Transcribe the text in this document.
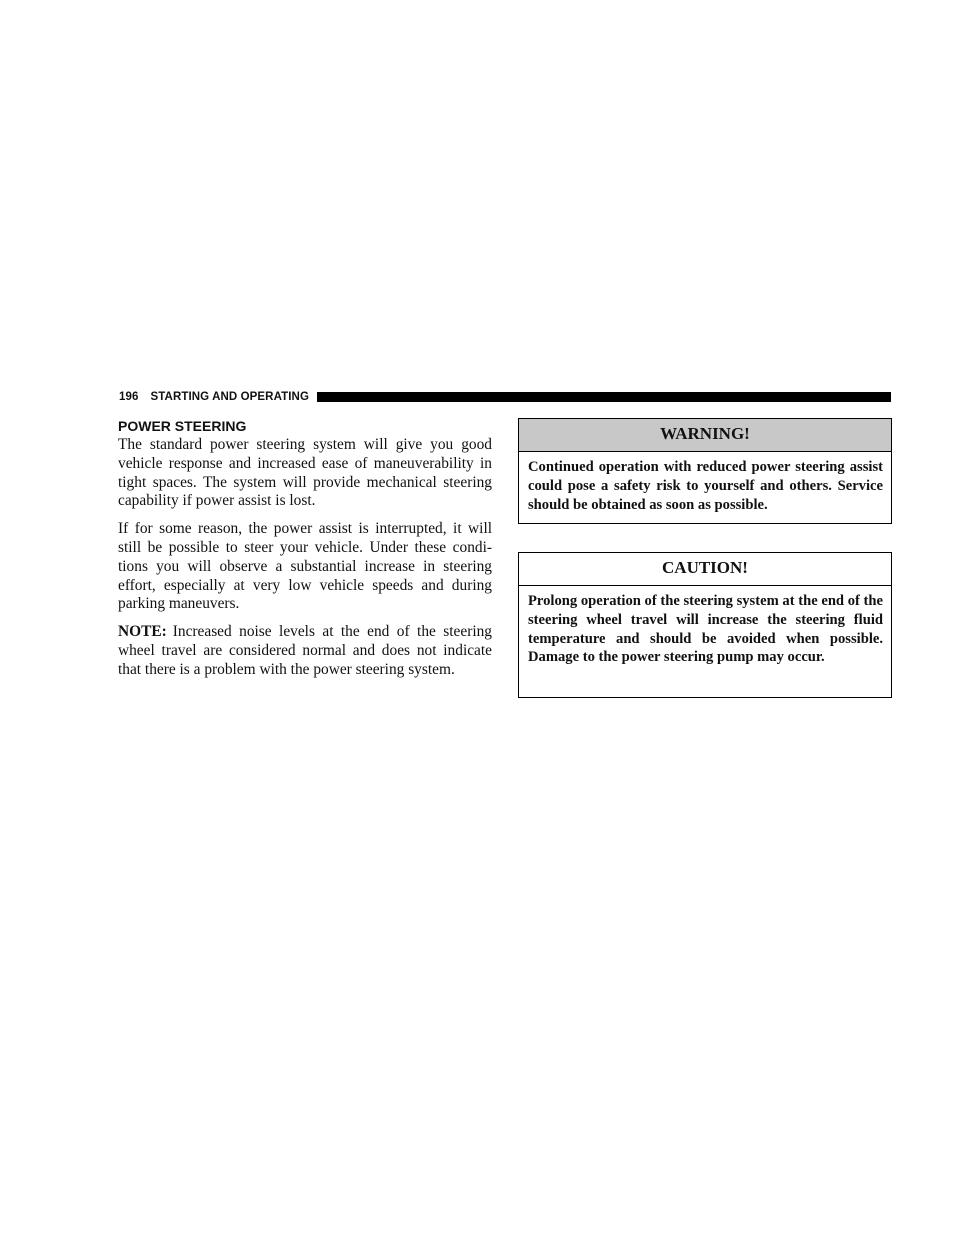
196 STARTING AND OPERATING
POWER STEERING

The standard power steering system will give you good vehicle response and increased ease of maneuverability in tight spaces. The system will provide mechanical steering capability if power assist is lost.

If for some reason, the power assist is interrupted, it will still be possible to steer your vehicle. Under these condi-tions you will observe a substantial increase in steering effort, especially at very low vehicle speeds and during parking maneuvers.

NOTE: Increased noise levels at the end of the steering wheel travel are considered normal and does not indicate that there is a problem with the power steering system.

WARNING!
Continued operation with reduced power steering assist could pose a safety risk to yourself and others. Service should be obtained as soon as possible.
CAUTION!
Prolong operation of the steering system at the end of the steering wheel travel will increase the steering fluid temperature and should be avoided when possible. Damage to the power steering pump may occur.
